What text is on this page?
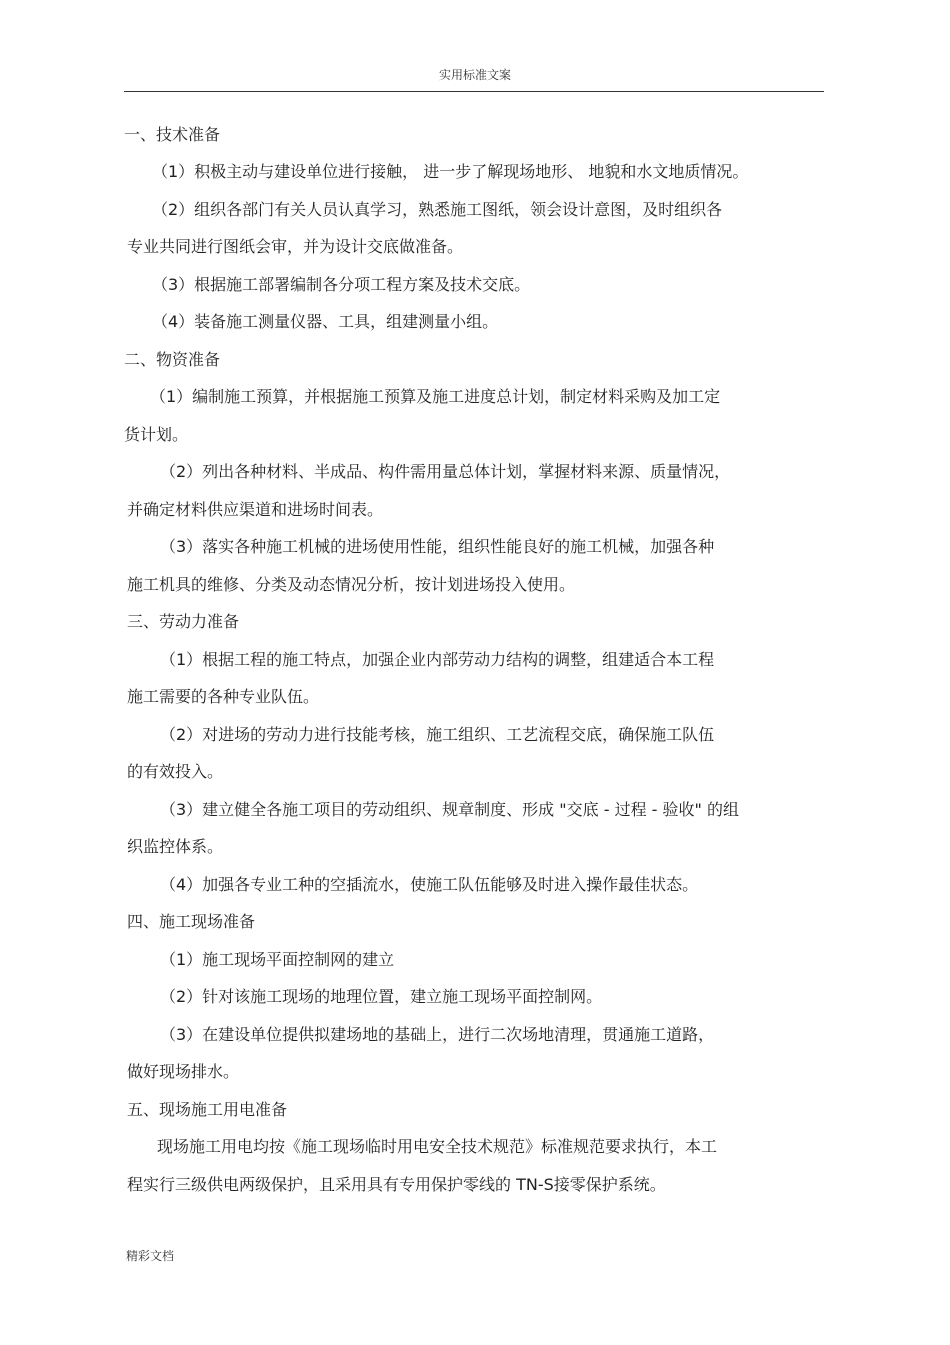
实用标准文案
一、技术准备
（1）积极主动与建设单位进行接触， 进一步了解现场地形、 地貌和水文地质情况。
（2）组织各部门有关人员认真学习，熟悉施工图纸，领会设计意图，及时组织各
专业共同进行图纸会审，并为设计交底做准备。
（3）根据施工部署编制各分项工程方案及技术交底。
（4）装备施工测量仪器、工具，组建测量小组。
二、物资准备
（1）编制施工预算，并根据施工预算及施工进度总计划，制定材料采购及加工定
货计划。
（2）列出各种材料、半成品、构件需用量总体计划，掌握材料来源、质量情况，
并确定材料供应渠道和进场时间表。
（3）落实各种施工机械的进场使用性能，组织性能良好的施工机械，加强各种
施工机具的维修、分类及动态情况分析，按计划进场投入使用。
三、劳动力准备
（1）根据工程的施工特点，加强企业内部劳动力结构的调整，组建适合本工程
施工需要的各种专业队伍。
（2）对进场的劳动力进行技能考核，施工组织、工艺流程交底，确保施工队伍
的有效投入。
（3）建立健全各施工项目的劳动组织、规章制度、形成 "交底 - 过程 - 验收" 的组
织监控体系。
（4）加强各专业工种的空插流水，使施工队伍能够及时进入操作最佳状态。
四、施工现场准备
（1）施工现场平面控制网的建立
（2）针对该施工现场的地理位置，建立施工现场平面控制网。
（3）在建设单位提供拟建场地的基础上，进行二次场地清理，贯通施工道路，
做好现场排水。
五、现场施工用电准备
现场施工用电均按《施工现场临时用电安全技术规范》标准规范要求执行，本工
程实行三级供电两级保护，且采用具有专用保护零线的 TN-S接零保护系统。
精彩文档
